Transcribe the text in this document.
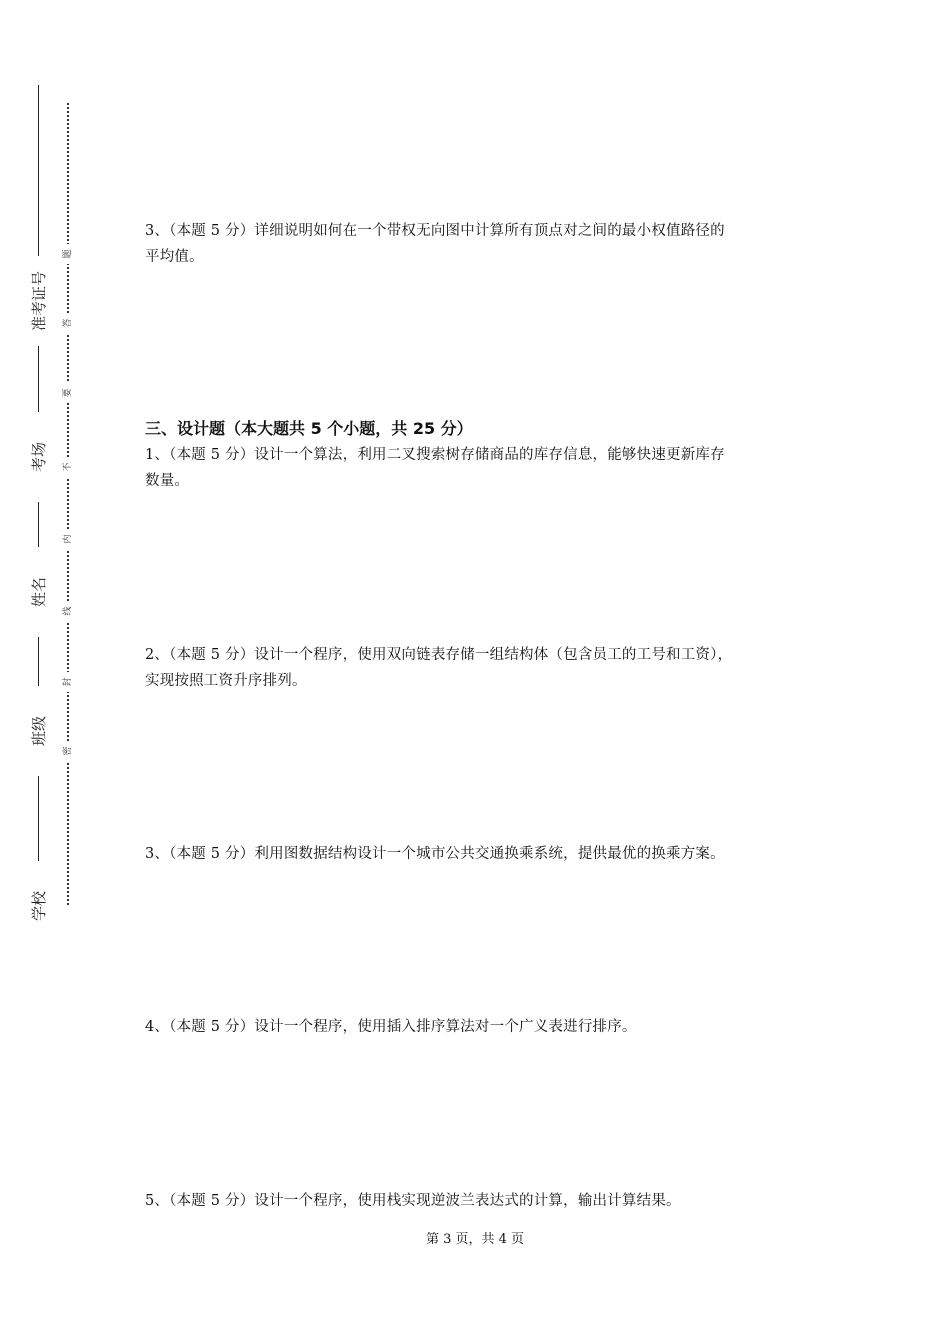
准考证号
考场
姓名
班级
学校
题
答
要
不
内
线
封
密
3、（本题 5 分）详细说明如何在一个带权无向图中计算所有顶点对之间的最小权值路径的
平均值。
三、设计题（本大题共 5 个小题，共 25 分）
1、（本题 5 分）设计一个算法，利用二叉搜索树存储商品的库存信息，能够快速更新库存
数量。
2、（本题 5 分）设计一个程序，使用双向链表存储一组结构体（包含员工的工号和工资），
实现按照工资升序排列。
3、（本题 5 分）利用图数据结构设计一个城市公共交通换乘系统，提供最优的换乘方案。
4、（本题 5 分）设计一个程序，使用插入排序算法对一个广义表进行排序。
5、（本题 5 分）设计一个程序，使用栈实现逆波兰表达式的计算，输出计算结果。
第 3 页，共 4 页
